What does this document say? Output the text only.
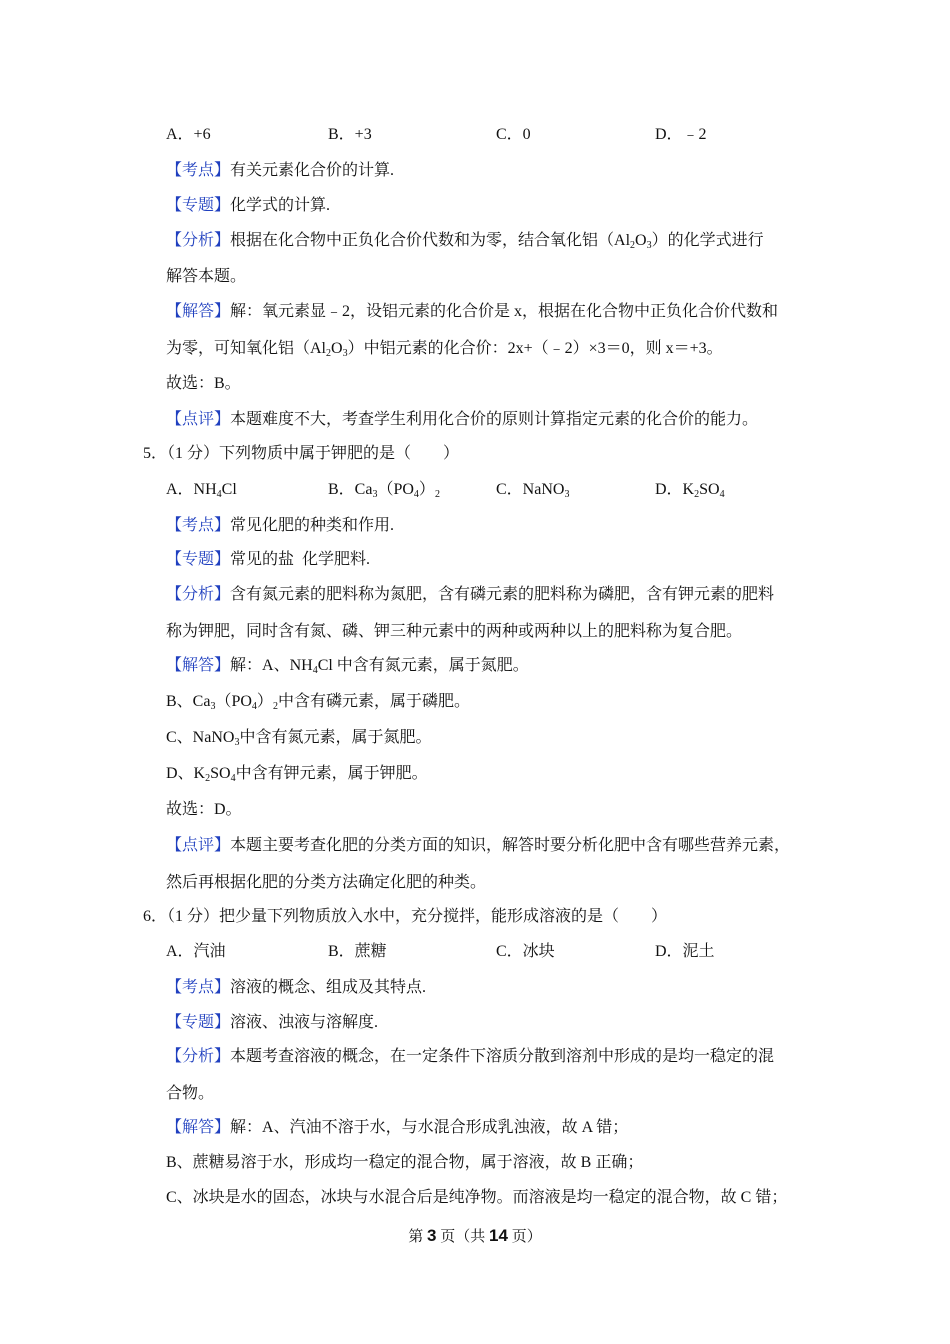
A．+6	B．+3	C．0	D．﹣2
【考点】有关元素化合价的计算.
【专题】化学式的计算.
【分析】根据在化合物中正负化合价代数和为零，结合氧化铝$(Al_2O_3)$的化学式进行
解答本题。
【解答】解：氧元素显﹣2，设铝元素的化合价是 x，根据在化合物中正负化合价代数和
为零，可知氧化铝$(Al_2O_3)$中铝元素的化合价：2x+（﹣2）×3＝0，则 x＝+3。
故选：B。
【点评】本题难度不大，考查学生利用化合价的原则计算指定元素的化合价的能力。
5．（1 分）下列物质中属于钾肥的是（　　）
A．$NH_4Cl$	B．$Ca_3(PO_4)_2$	C．NaNO$_3$	D．$K_2SO_4$
【考点】常见化肥的种类和作用.
【专题】常见的盐  化学肥料.
【分析】含有氮元素的肥料称为氮肥，含有磷元素的肥料称为磷肥，含有钾元素的肥料
称为钾肥，同时含有氮、磷、钾三种元素中的两种或两种以上的肥料称为复合肥。
【解答】解：A、$NH_4Cl$ 中含有氮元素，属于氮肥。
B、$Ca_3(PO_4)_2$中含有磷元素，属于磷肥。
C、NaNO$_3$中含有氮元素，属于氮肥。
D、$K_2SO_4$中含有钾元素，属于钾肥。
故选：D。
【点评】本题主要考查化肥的分类方面的知识，解答时要分析化肥中含有哪些营养元素，
然后再根据化肥的分类方法确定化肥的种类。
6．（1 分）把少量下列物质放入水中，充分搅拌，能形成溶液的是（　　）
A．汽油	B．蔗糖	C．冰块	D．泥土
【考点】溶液的概念、组成及其特点.
【专题】溶液、浊液与溶解度.
【分析】本题考查溶液的概念，在一定条件下溶质分散到溶剂中形成的是均一稳定的混
合物。
【解答】解：A、汽油不溶于水，与水混合形成乳浊液，故 A 错；
B、蔗糖易溶于水，形成均一稳定的混合物，属于溶液，故 B 正确；
C、冰块是水的固态，冰块与水混合后是纯净物。而溶液是均一稳定的混合物，故 C 错；
第 3 页（共 14 页）
